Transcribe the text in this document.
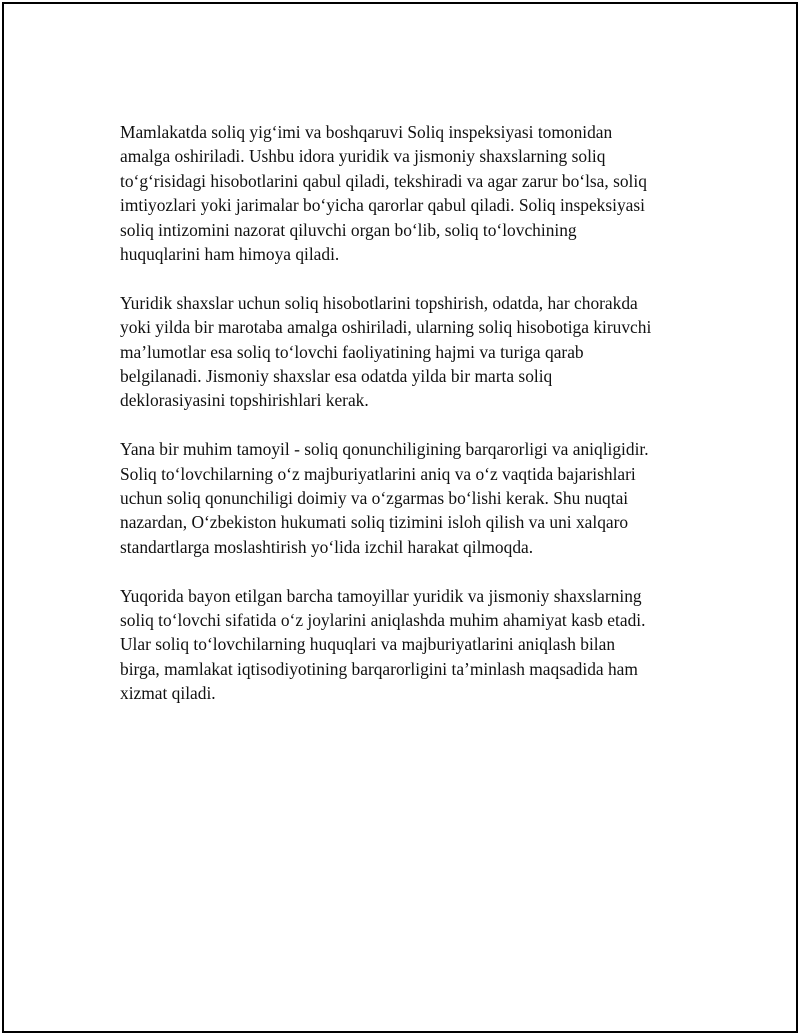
Mamlakatda soliq yig‘imi va boshqaruvi Soliq inspeksiyasi tomonidan
amalga oshiriladi. Ushbu idora yuridik va jismoniy shaxslarning soliq
to‘g‘risidagi hisobotlarini qabul qiladi, tekshiradi va agar zarur bo‘lsa, soliq
imtiyozlari yoki jarimalar bo‘yicha qarorlar qabul qiladi. Soliq inspeksiyasi
soliq intizomini nazorat qiluvchi organ bo‘lib, soliq to‘lovchining
huquqlarini ham himoya qiladi.

Yuridik shaxslar uchun soliq hisobotlarini topshirish, odatda, har chorakda
yoki yilda bir marotaba amalga oshiriladi, ularning soliq hisobotiga kiruvchi
ma’lumotlar esa soliq to‘lovchi faoliyatining hajmi va turiga qarab
belgilanadi. Jismoniy shaxslar esa odatda yilda bir marta soliq
deklorasiyasini topshirishlari kerak.

Yana bir muhim tamoyil - soliq qonunchiligining barqarorligi va aniqligidir.
Soliq to‘lovchilarning o‘z majburiyatlarini aniq va o‘z vaqtida bajarishlari
uchun soliq qonunchiligi doimiy va o‘zgarmas bo‘lishi kerak. Shu nuqtai
nazardan, O‘zbekiston hukumati soliq tizimini isloh qilish va uni xalqaro
standartlarga moslashtirish yo‘lida izchil harakat qilmoqda.

Yuqorida bayon etilgan barcha tamoyillar yuridik va jismoniy shaxslarning
soliq to‘lovchi sifatida o‘z joylarini aniqlashda muhim ahamiyat kasb etadi.
Ular soliq to‘lovchilarning huquqlari va majburiyatlarini aniqlash bilan
birga, mamlakat iqtisodiyotining barqarorligini ta’minlash maqsadida ham
xizmat qiladi.
